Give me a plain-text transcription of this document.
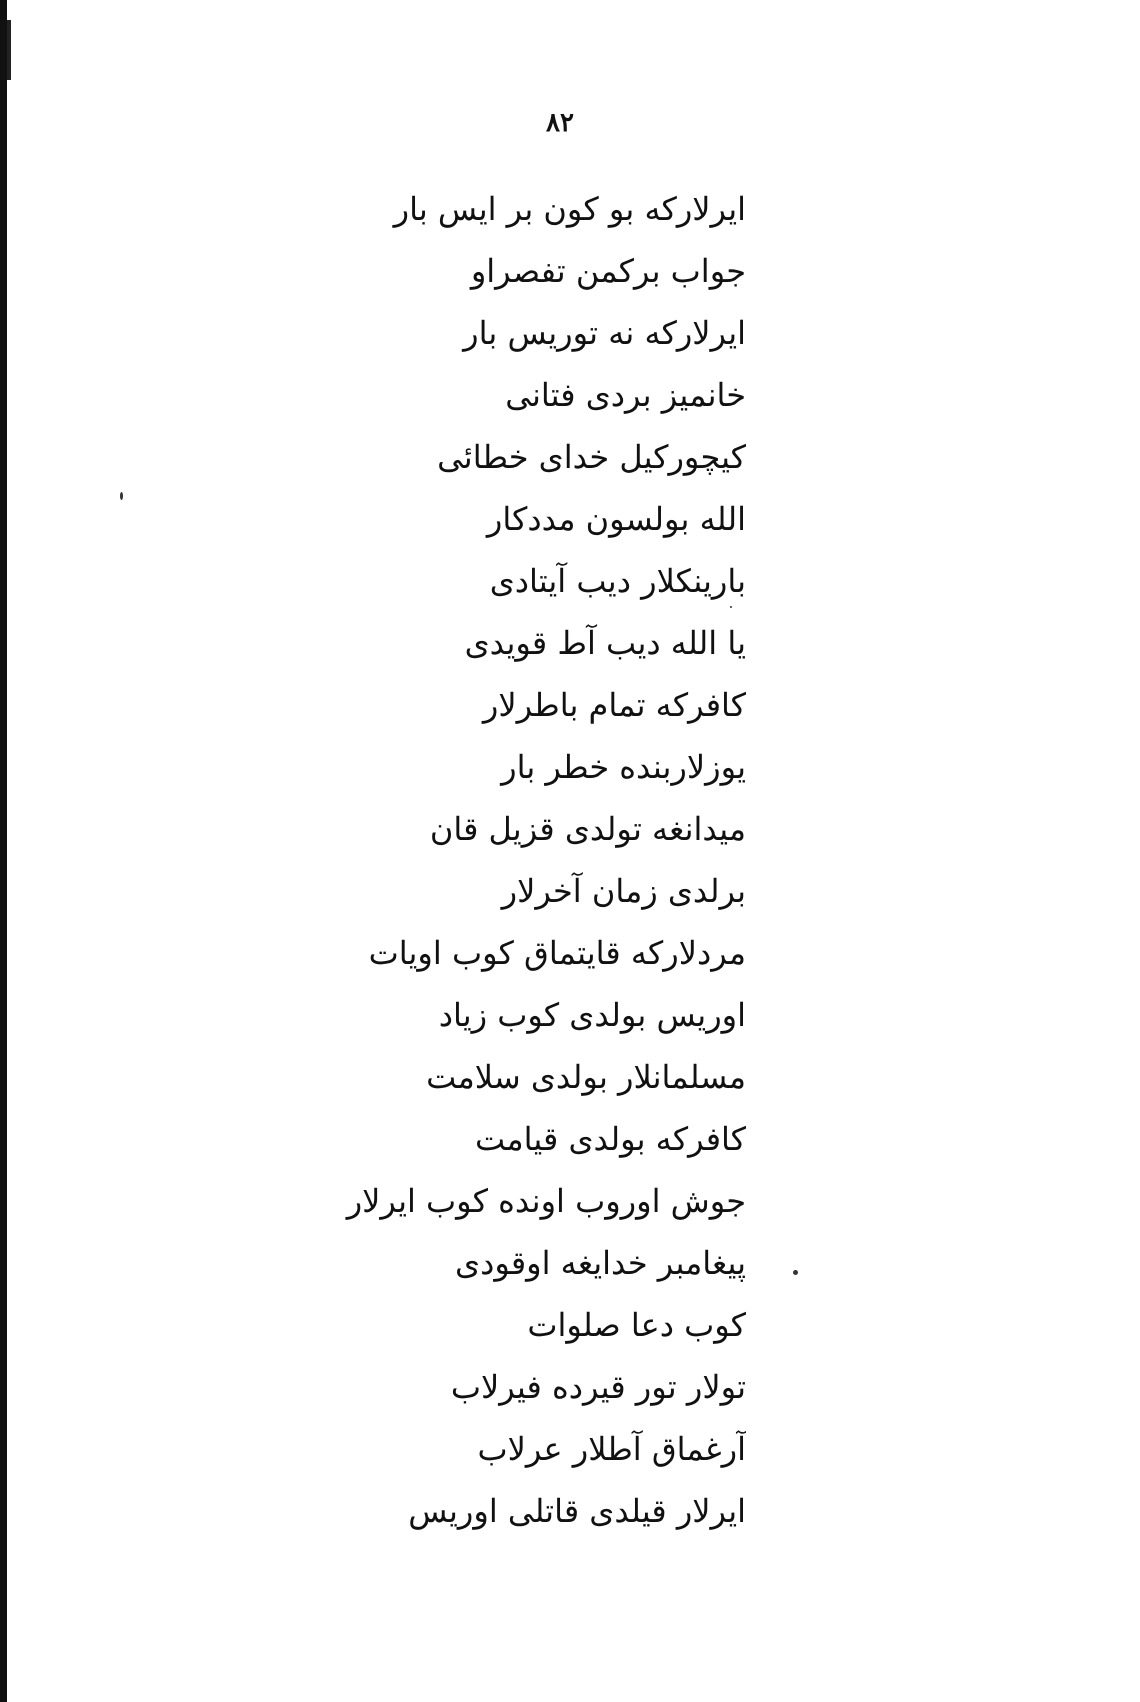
۸۲
ایرلارکه بو کون بر ایس بار
جواب برکمن تفصراو
ایرلارکه نه توریس بار
خانمیز بردی فتانی
کیچورکیل خدای خطائی
الله بولسون مددکار
بارینکلار دیب آیتادی
یا الله دیب آط قویدی
کافرکه تمام باطرلار
یوزلاربنده خطر بار
میدانغه تولدی قزیل قان
برلدی زمان آخرلار
مردلارکه قایتماق کوب اویات
اوریس بولدی کوب زیاد
مسلمانلار بولدی سلامت
کافرکه بولدی قیامت
جوش اوروب اونده کوب ایرلار
پیغامبر خدایغه اوقودی
کوب دعا صلوات
تولار تور قیرده فیرلاب
آرغماق آطلار عرلاب
ایرلار قیلدی قاتلی اوریس
